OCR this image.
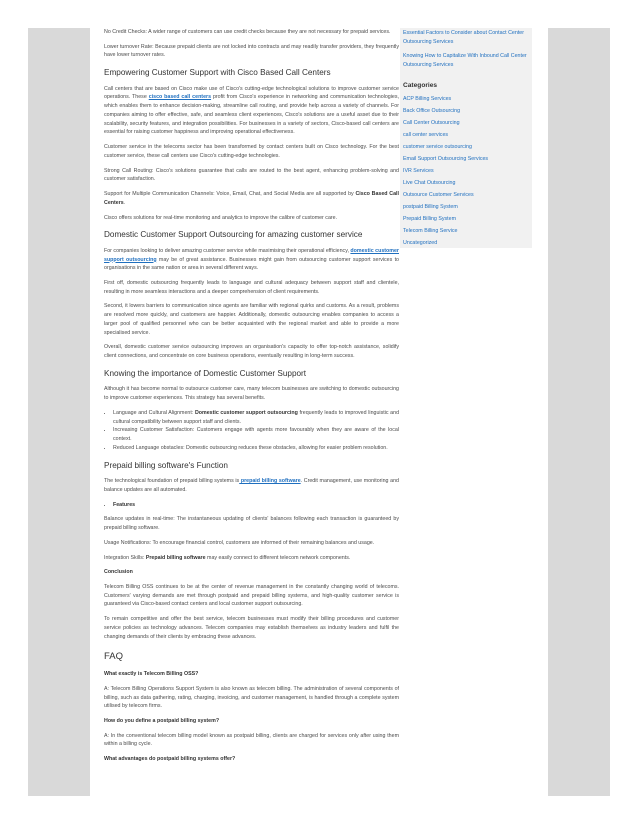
No Credit Checks: A wider range of customers can use credit checks because they are not necessary for prepaid services.

Lower turnover Rate: Because prepaid clients are not locked into contracts and may readily transfer providers, they frequently have lower turnover rates.

Empowering Customer Support with Cisco Based Call Centers

Call centers that are based on Cisco make use of Cisco's cutting-edge technological solutions to improve customer service operations. These cisco based call centers profit from Cisco's experience in networking and communication technologies, which enables them to enhance decision-making, streamline call routing, and provide help across a variety of channels. For companies aiming to offer effective, safe, and seamless client experiences, Cisco's solutions are a useful asset due to their scalability, security features, and integration possibilities. For businesses in a variety of sectors, Cisco-based call centers are essential for raising customer happiness and improving operational effectiveness.

Customer service in the telecoms sector has been transformed by contact centers built on Cisco technology. For the best customer service, these call centers use Cisco's cutting-edge technologies.

Strong Call Routing: Cisco's solutions guarantee that calls are routed to the best agent, enhancing problem-solving and customer satisfaction.

Support for Multiple Communication Channels: Voice, Email, Chat, and Social Media are all supported by Cisco Based Call Centers.

Cisco offers solutions for real-time monitoring and analytics to improve the calibre of customer care.

Domestic Customer Support Outsourcing for amazing customer service

For companies looking to deliver amazing customer service while maximising their operational efficiency, domestic customer support outsourcing may be of great assistance. Businesses might gain from outsourcing customer support services to organisations in the same nation or area in several different ways.

First off, domestic outsourcing frequently leads to language and cultural adequacy between support staff and clientele, resulting in more seamless interactions and a deeper comprehension of client requirements.

Second, it lowers barriers to communication since agents are familiar with regional quirks and customs. As a result, problems are resolved more quickly, and customers are happier. Additionally, domestic outsourcing enables companies to access a larger pool of qualified personnel who can be better acquainted with the regional market and able to provide a more specialised service.

Overall, domestic customer service outsourcing improves an organisation's capacity to offer top-notch assistance, solidify client connections, and concentrate on core business operations, eventually resulting in long-term success.

Knowing the importance of Domestic Customer Support

Although it has become normal to outsource customer care, many telecom businesses are switching to domestic outsourcing to improve customer experiences. This strategy has several benefits.

• Language and Cultural Alignment: Domestic customer support outsourcing frequently leads to improved linguistic and cultural compatibility between support staff and clients.
• Increasing Customer Satisfaction: Customers engage with agents more favourably when they are aware of the local context.
• Reduced Language obstacles: Domestic outsourcing reduces these obstacles, allowing for easier problem resolution.
Prepaid billing software's Function

The technological foundation of prepaid billing systems is prepaid billing software. Credit management, use monitoring and balance updates are all automated.

• Features

Balance updates in real-time: The instantaneous updating of clients' balances following each transaction is guaranteed by prepaid billing software.

Usage Notifications: To encourage financial control, customers are informed of their remaining balances and usage.

Integration Skills: Prepaid billing software may easily connect to different telecom network components.

Conclusion

Telecom Billing OSS continues to be at the center of revenue management in the constantly changing world of telecoms. Customers' varying demands are met through postpaid and prepaid billing systems, and high-quality customer service is guaranteed via Cisco-based contact centers and local customer support outsourcing.

To remain competitive and offer the best service, telecom businesses must modify their billing procedures and customer service policies as technology advances. Telecom companies may establish themselves as industry leaders and fulfil the changing demands of their clients by embracing these advances.

FAQ

What exactly is Telecom Billing OSS?

A: Telecom Billing Operations Support System is also known as telecom billing. The administration of several components of billing, such as data gathering, rating, charging, invoicing, and customer management, is handled through a complete system utilised by telecom firms.

How do you define a postpaid billing system?

A: In the conventional telecom billing model known as postpaid billing, clients are charged for services only after using them within a billing cycle.

What advantages do postpaid billing systems offer?

Essential Factors to Consider about Contact Center Outsourcing Services
Knowing How to Capitalize With Inbound Call Center Outsourcing Services
Categories
ACP Billing Services
Back Office Outsourcing
Call Center Outsourcing
call center services
customer service outsourcing
Email Support Outsourcing Services
IVR Services
Live Chat Outsourcing
Outsource Customer Services
postpaid Billing System
Prepaid Billing System
Telecom Billing Service
Uncategorized
